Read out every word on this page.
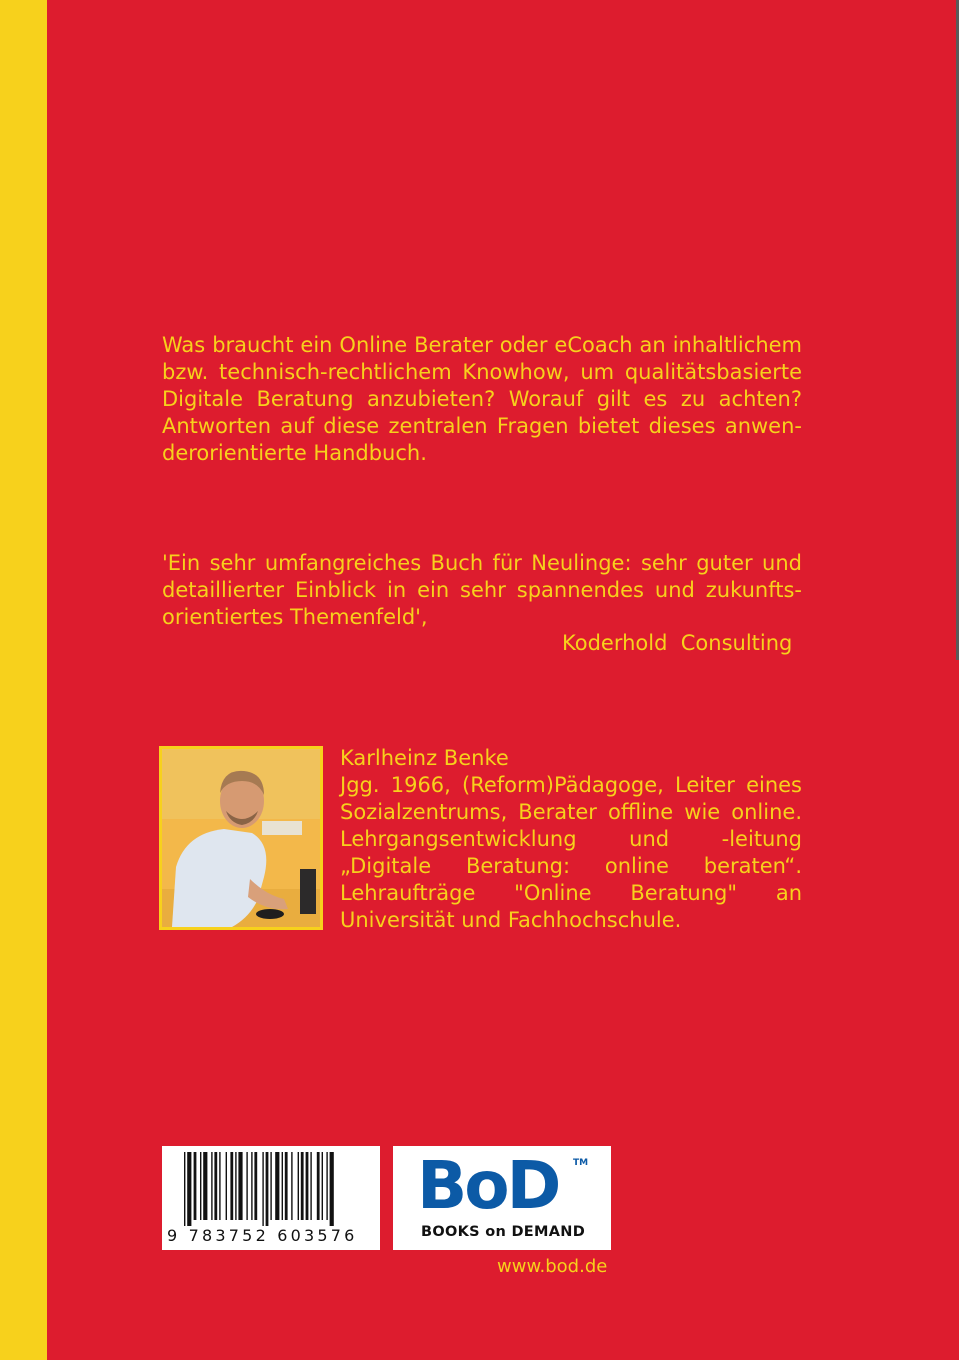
Was braucht ein Online Berater oder eCoach an inhaltlichem bzw. technisch-rechtlichem Knowhow, um qualitätsbasierte Digitale Beratung anzubieten? Worauf gilt es zu achten? Antworten auf diese zentralen Fragen bietet dieses anwen-derorientierte Handbuch.
'Ein sehr umfangreiches Buch für Neulinge: sehr guter und detaillierter Einblick in ein sehr spannendes und zukunfts-orientiertes Themenfeld',
Koderhold  Consulting
Karlheinz Benke
Jgg. 1966, (Reform)Pädagoge, Leiter eines Sozialzentrums, Berater offline wie online. Lehrgangsentwicklung und -leitung „Digitale Beratung: online beraten“. Lehraufträge "Online Beratung" an Universität und Fachhochschule.
9 783752 603576
BoD TM
BOOKS on DEMAND
www.bod.de
